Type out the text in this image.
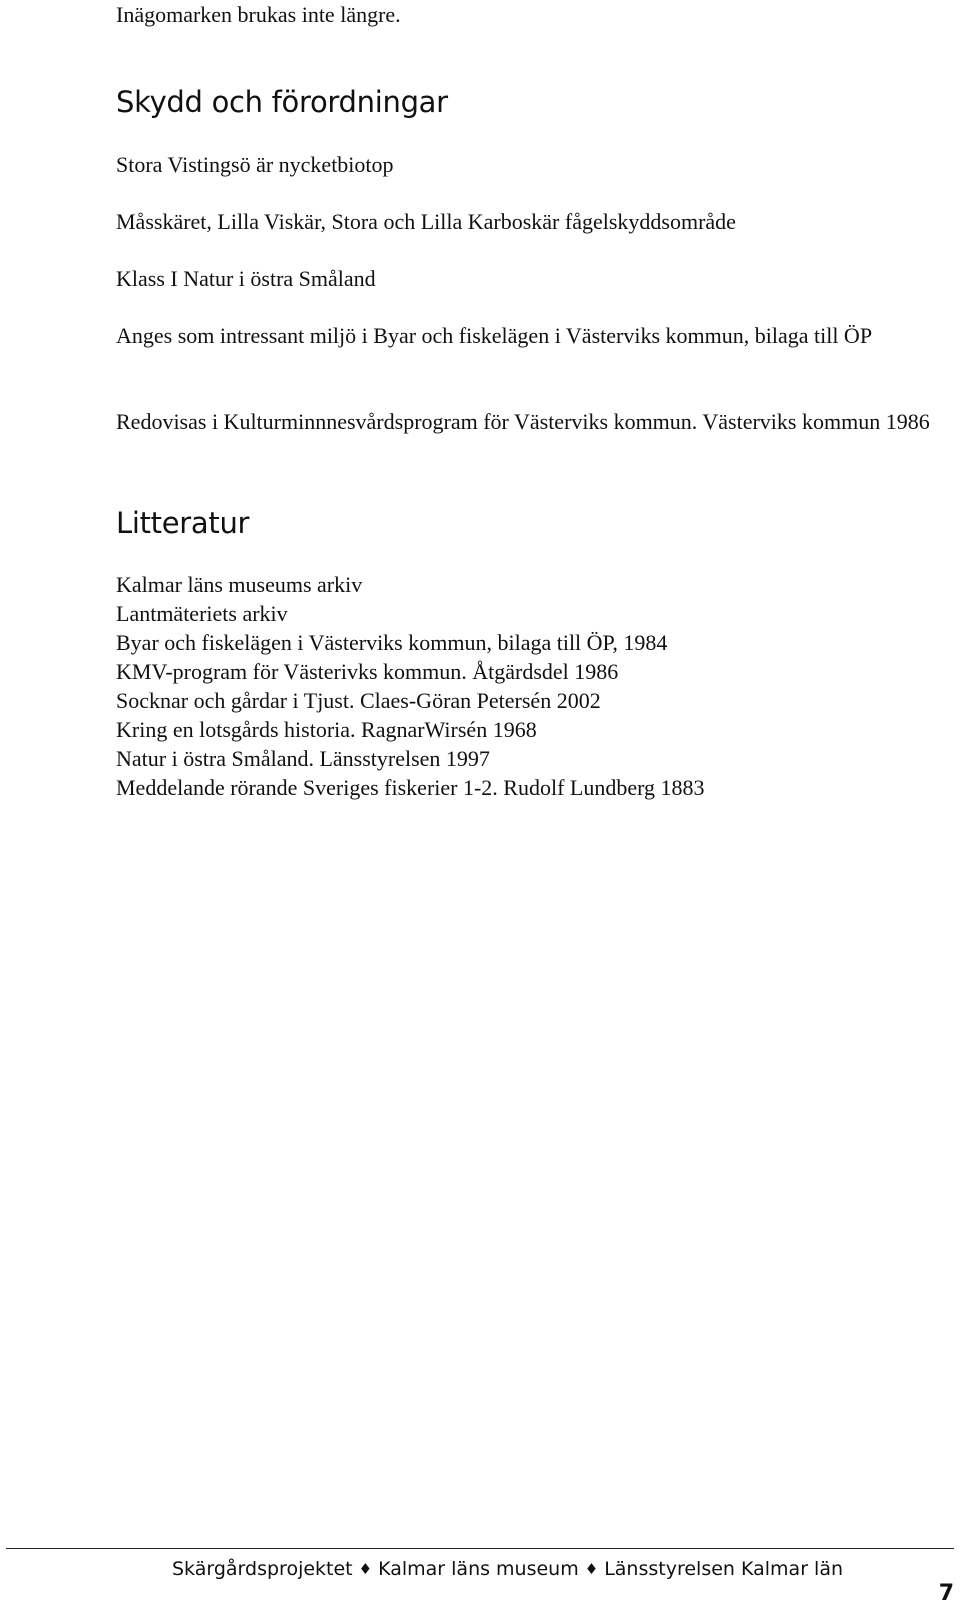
Inägomarken brukas inte längre.

Skydd och förordningar

Stora Vistingsö är nycketbiotop

Måsskäret, Lilla Viskär, Stora och Lilla Karboskär fågelskyddsområde

Klass I Natur i östra Småland

Anges som intressant miljö i Byar och fiskelägen i Västerviks kommun, bilaga till ÖP

Redovisas i Kulturminnnesvårdsprogram för Västerviks kommun. Västerviks kommun 1986

Litteratur
Kalmar läns museums arkiv
Lantmäteriets arkiv
Byar och fiskelägen i Västerviks kommun, bilaga till ÖP, 1984
KMV-program för Västerivks kommun. Åtgärdsdel 1986
Socknar och gårdar i Tjust. Claes-Göran Petersén 2002
Kring en lotsgårds historia. RagnarWirsén 1968
Natur i östra Småland. Länsstyrelsen 1997
Meddelande rörande Sveriges fiskerier 1-2. Rudolf Lundberg 1883
Skärgårdsprojektet ♦ Kalmar läns museum ♦ Länsstyrelsen Kalmar län
7
